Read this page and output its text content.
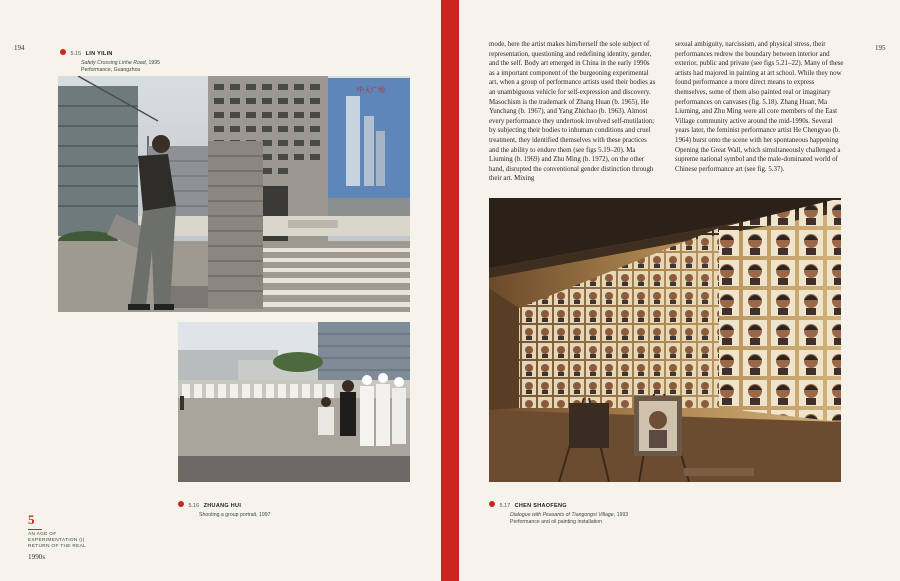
194
5.15 LIN YILIN
Safety Crossing Linhe Road, 1995
Performance, Guangzhou
中天广场
5.16 ZHUANG HUI
Shooting a group portrait, 1997
5
AN AGE OF
EXPERIMENTATION (I)
RETURN OF THE REAL
1990s
195

mode, here the artist makes him/herself the sole subject of representation, questioning and redefining identity, gender, and the self. Body art emerged in China in the early 1990s as a important component of the burgeoning experimental art, when a group of performance artists used their bodies as an unambiguous vehicle for self-expression and discovery. Masochism is the trademark of Zhang Huan (b. 1965), He Yunchang (b. 1967), and Yang Zhichao (b. 1963). Almost every performance they undertook involved self-mutilation; by subjecting their bodies to inhuman conditions and cruel treatment, they identified themselves with these practices and the ability to endure them (see figs 5.19–20). Ma Liuming (b. 1969) and Zhu Ming (b. 1972), on the other hand, disrupted the conventional gender distinction through their art. Mixing

sexual ambiguity, narcissism, and physical stress, their performances redrew the boundary between interior and exterior, public and private (see figs 5.21–22). Many of these artists had majored in painting at art school. While they now found performance a more direct means to express themselves, some of them also painted real or imaginary performances on canvases (fig. 5.18). Zhang Huan, Ma Liuming, and Zhu Ming were all core members of the East Village community active around the mid-1990s. Several years later, the feminist performance artist He Chengyao (b. 1964) burst onto the scene with her spontaneous happening Opening the Great Wall, which simultaneously challenged a supreme national symbol and the male-dominated world of Chinese performance art (see fig. 5.37).

5.17 CHEN SHAOFENG
Dialogue with Peasants of Tiangongsi Village, 1993
Performance and oil painting installation
